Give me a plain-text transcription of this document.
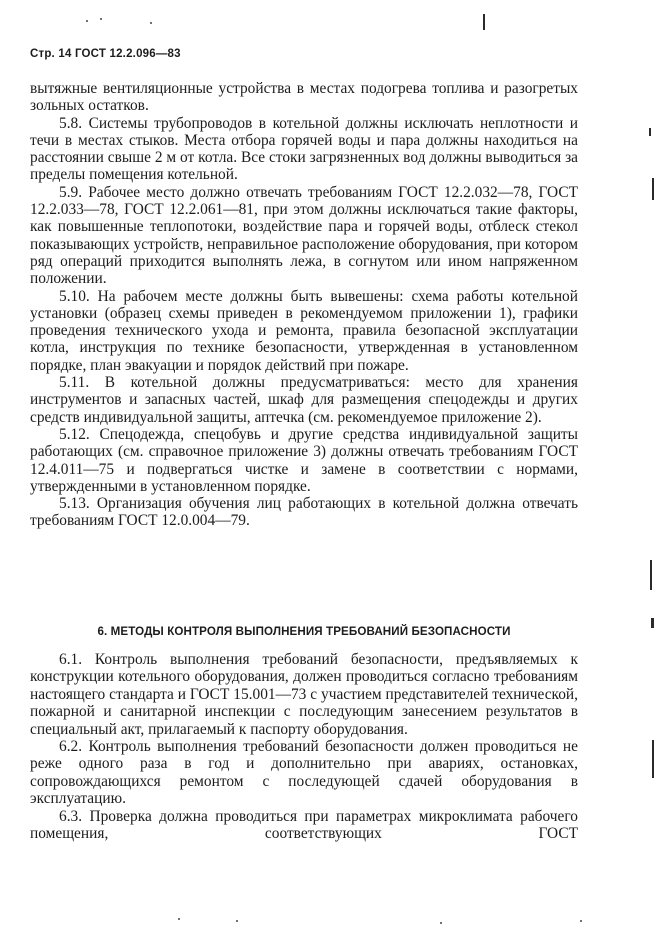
Стр. 14 ГОСТ 12.2.096—83

вытяжные вентиляционные устройства в местах подогрева топлива и разогретых зольных остатков.

5.8. Системы трубопроводов в котельной должны исключать неплотности и течи в местах стыков. Места отбора горячей воды и пара должны находиться на расстоянии свыше 2 м от котла. Все стоки загрязненных вод должны выводиться за пределы помещения котельной.

5.9. Рабочее место должно отвечать требованиям ГОСТ 12.2.032—78, ГОСТ 12.2.033—78, ГОСТ 12.2.061—81, при этом должны исключаться такие факторы, как повышенные теплопотоки, воздействие пара и горячей воды, отблеск стекол показывающих устройств, неправильное расположение оборудования, при котором ряд операций приходится выполнять лежа, в согнутом или ином напряженном положении.

5.10. На рабочем месте должны быть вывешены: схема работы котельной установки (образец схемы приведен в рекомендуемом приложении 1), графики проведения технического ухода и ремонта, правила безопасной эксплуатации котла, инструкция по технике безопасности, утвержденная в установленном порядке, план эвакуации и порядок действий при пожаре.

5.11. В котельной должны предусматриваться: место для хранения инструментов и запасных частей, шкаф для размещения спецодежды и других средств индивидуальной защиты, аптечка (см. рекомендуемое приложение 2).

5.12. Спецодежда, спецобувь и другие средства индивидуальной защиты работающих (см. справочное приложение 3) должны отвечать требованиям ГОСТ 12.4.011—75 и подвергаться чистке и замене в соответствии с нормами, утвержденными в установленном порядке.

5.13. Организация обучения лиц работающих в котельной должна отвечать требованиям ГОСТ 12.0.004—79.

6. МЕТОДЫ КОНТРОЛЯ ВЫПОЛНЕНИЯ ТРЕБОВАНИЙ БЕЗОПАСНОСТИ

6.1. Контроль выполнения требований безопасности, предъявляемых к конструкции котельного оборудования, должен проводиться согласно требованиям настоящего стандарта и ГОСТ 15.001—73 с участием представителей технической, пожарной и санитарной инспекции с последующим занесением результатов в специальный акт, прилагаемый к паспорту оборудования.

6.2. Контроль выполнения требований безопасности должен проводиться не реже одного раза в год и дополнительно при авариях, остановках, сопровождающихся ремонтом с последующей сдачей оборудования в эксплуатацию.

6.3. Проверка должна проводиться при параметрах микроклимата рабочего помещения, соответствующих ГОСТ
